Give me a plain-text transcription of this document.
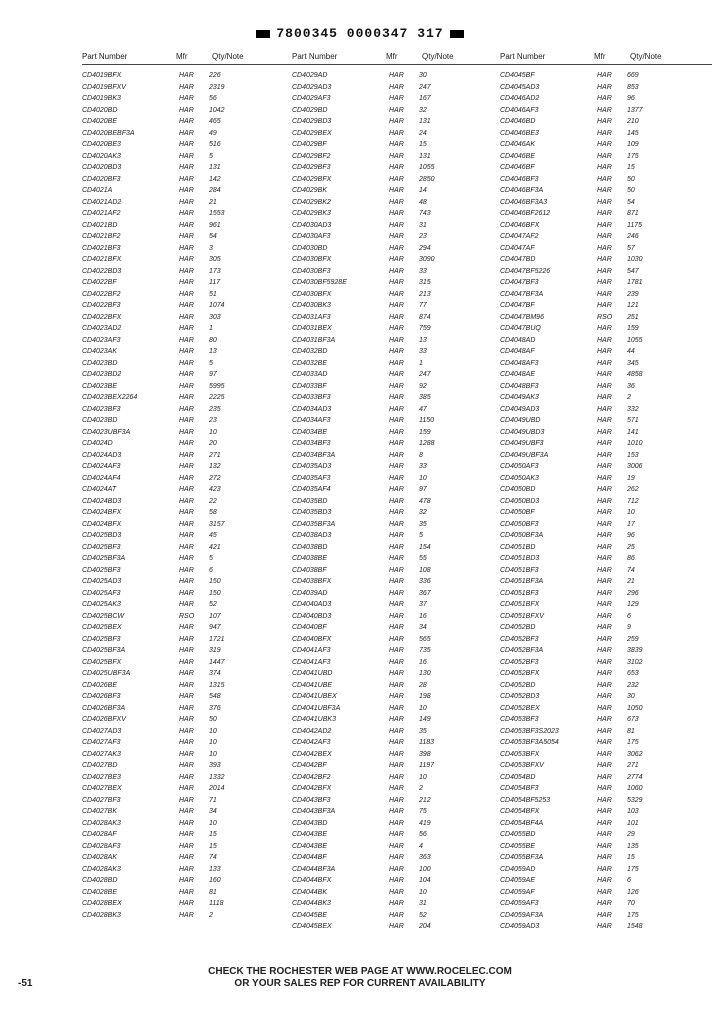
7800345 0000347 317
Part Number	Mfr	Qty/Note
CD4019BFX	HAR 226
CD4019BFXV	HAR 2319
CD4019BK3	HAR 56
CD4020BD	HAR 1042
CD4020BE	HAR 465
CD4020BEBF3A	HAR 49
CD4020BE3	HAR 516
CD4020AK3	HAR 5
CD4020BD3	HAR 131
CD4020BF3	HAR 142
CD4021A	HAR 284
CD4021AD2	HAR 21
CD4021AF2	HAR 1553
CD4021BD	HAR 961
CD4021BF2	HAR 54
CD4021BF3	HAR 3
CD4021BFX	HAR 305
CD4022BD3	HAR 173
CD4022BF	HAR 117
CD4022BF2	HAR 51
CD4022BF3	HAR 1074
CD4022BFX	HAR 303
CD4023AD2	HAR 1
CD4023AF3	HAR 80
CD4023AK	HAR 13
CD4023BD	HAR 5
CD4023BD2	HAR 97
CD4023BE	HAR 5995
CD4023BEX2264	HAR 2225
CD4023BF3	HAR 235
CD4023BD	HAR 23
CD4023UBF3A	HAR 10
CD4024D	HAR 20
CD4024AD3	HAR 271
CD4024AF3	HAR 132
CD4024AF4	HAR 272
CD4024AT	HAR 423
CD4024BD3	HAR 22
CD4024BFX	HAR 58
CD4024BFX	HAR 3157
CD4025BD3	HAR 45
CD4025BF3	HAR 421
CD4025BF3A	HAR 5
CD4025BF3	HAR 6
CD4025AD3	HAR 150
CD4025AF3	HAR 150
CD4025AK3	HAR 52
CD4025BCW	RSO 107
CD4025BEX	HAR 947
CD4025BF3	HAR 1721
CD4025BF3A	HAR 319
CD4025BFX	HAR 1447
CD4025UBF3A	HAR 374
CD4026BE	HAR 1315
CD4026BF3	HAR 548
CD4026BF3A	HAR 376
CD4026BFXV	HAR 50
CD4027AD3	HAR 10
CD4027AF3	HAR 10
CD4027AK3	HAR 10
CD4027BD	HAR 393
CD4027BE3	HAR 1332
CD4027BEX	HAR 2014
CD4027BF3	HAR 71
CD4027BK	HAR 34
CD4028AK3	HAR 10
CD4028AF	HAR 15
CD4028AF3	HAR 15
CD4028AK	HAR 74
CD4028AK3	HAR 133
CD4028BD	HAR 160
CD4028BE	HAR 81
CD4028BEX	HAR 1118
CD4028BK3	HAR 2
Part Number	Mfr	Qty/Note
CD4029AD	HAR 30
CD4029AD3	HAR 247
CD4029AF3	HAR 167
CD4029BD	HAR 32
CD4029BD3	HAR 131
CD4029BEX	HAR 24
CD4029BF	HAR 15
CD4029BF2	HAR 131
CD4029BF3	HAR 1055
CD4029BFX	HAR 2850
CD4029BK	HAR 14
CD4029BK2	HAR 48
CD4029BK3	HAR 743
CD4030AD3	HAR 31
CD4030AF3	HAR 23
CD4030BD	HAR 294
CD4030BFX	HAR 3090
CD4030BF3	HAR 33
CD4030BF5928E	HAR 315
CD4030BFX	HAR 213
CD4030BK3	HAR 77
CD4031AF3	HAR 874
CD4031BEX	HAR 759
CD4031BF3A	HAR 13
CD4032BD	HAR 33
CD4032BE	HAR 1
CD4033AD	HAR 247
CD4033BF	HAR 92
CD4033BF3	HAR 385
CD4034AD3	HAR 47
CD4034AF3	HAR 1150
CD4034BE	HAR 159
CD4034BF3	HAR 1288
CD4034BF3A	HAR 8
CD4035AD3	HAR 33
CD4035AF3	HAR 10
CD4035AF4	HAR 97
CD4035BD	HAR 478
CD4035BD3	HAR 32
CD4035BF3A	HAR 35
CD4038AD3	HAR 5
CD4038BD	HAR 154
CD4038BE	HAR 55
CD4038BF	HAR 108
CD4038BFX	HAR 336
CD4039AD	HAR 367
CD4040AD3	HAR 37
CD4040BD3	HAR 16
CD4040BF	HAR 34
CD4040BFX	HAR 565
CD4041AF3	HAR 735
CD4041AF3	HAR 16
CD4041UBD	HAR 130
CD4041UBE	HAR 28
CD4041UBEX	HAR 198
CD4041UBF3A	HAR 10
CD4041UBK3	HAR 149
CD4042AD2	HAR 35
CD4042AF3	HAR 1183
CD4042BEX	HAR 398
CD4042BF	HAR 1197
CD4042BF2	HAR 10
CD4042BFX	HAR 2
CD4043BF3	HAR 212
CD4043BF3A	HAR 75
CD4043BD	HAR 419
CD4043BE	HAR 56
CD4043BE	HAR 4
CD4044BF	HAR 363
CD4044BF3A	HAR 100
CD4044BFX	HAR 104
CD4044BK	HAR 10
CD4044BK3	HAR 31
CD4045BE	HAR 52
CD4045BEX	HAR 204
Part Number	Mfr	Qty/Note
CD4045BF	HAR 669
CD4045AD3	HAR 853
CD4046AD2	HAR 96
CD4046AF3	HAR 1377
CD4046BD	HAR 210
CD4046BE3	HAR 145
CD4046AK	HAR 109
CD4046BE	HAR 175
CD4046BF	HAR 15
CD4046BF3	HAR 50
CD4046BF3A	HAR 50
CD4046BF3A3	HAR 54
CD4046BF2612	HAR 871
CD4046BFX	HAR 1175
CD4047AF2	HAR 246
CD4047AF	HAR 57
CD4047BD	HAR 1030
CD4047BF5226	HAR 547
CD4047BF3	HAR 1781
CD4047BF3A	HAR 239
CD4047BF	HAR 121
CD4047BM96	RSO 251
CD4047BUQ	HAR 159
CD4048AD	HAR 1055
CD4048AF	HAR 44
CD4048AF3	HAR 345
CD4048AE	HAR 4858
CD4048BF3	HAR 36
CD4049AK3	HAR 2
CD4049AD3	HAR 332
CD4049UBD	HAR 571
CD4049UBD3	HAR 141
CD4049UBF3	HAR 1010
CD4049UBF3A	HAR 153
CD4050AF3	HAR 3006
CD4050AK3	HAR 19
CD4050BD	HAR 262
CD4050BD3	HAR 712
CD4050BF	HAR 10
CD4050BF3	HAR 17
CD4050BF3A	HAR 96
CD4051BD	HAR 25
CD4051BD3	HAR 86
CD4051BF3	HAR 74
CD4051BF3A	HAR 21
CD4051BF3	HAR 296
CD4051BFX	HAR 129
CD4051BFXV	HAR 6
CD4052BD	HAR 9
CD4052BF3	HAR 259
CD4052BF3A	HAR 3839
CD4052BF3	HAR 3102
CD4052BFX	HAR 653
CD4052BD	HAR 232
CD4052BD3	HAR 30
CD4052BEX	HAR 1050
CD4053BF3	HAR 673
CD4053BF3S2023	HAR 81
CD4053BF3A5054	HAR 175
CD4053BFX	HAR 3062
CD4053BFXV	HAR 271
CD4054BD	HAR 2774
CD4054BF3	HAR 1060
CD4054BF5253	HAR 5329
CD4054BFX	HAR 103
CD4054BF4A	HAR 101
CD4055BD	HAR 29
CD4055BE	HAR 135
CD4055BF3A	HAR 15
CD4059AD	HAR 175
CD4059AE	HAR 6
CD4059AF	HAR 126
CD4059AF3	HAR 70
CD4059AF3A	HAR 175
CD4059AD3	HAR 1548
-51
CHECK THE ROCHESTER WEB PAGE AT WWW.ROCELEC.COM
OR YOUR SALES REP FOR CURRENT AVAILABILITY
